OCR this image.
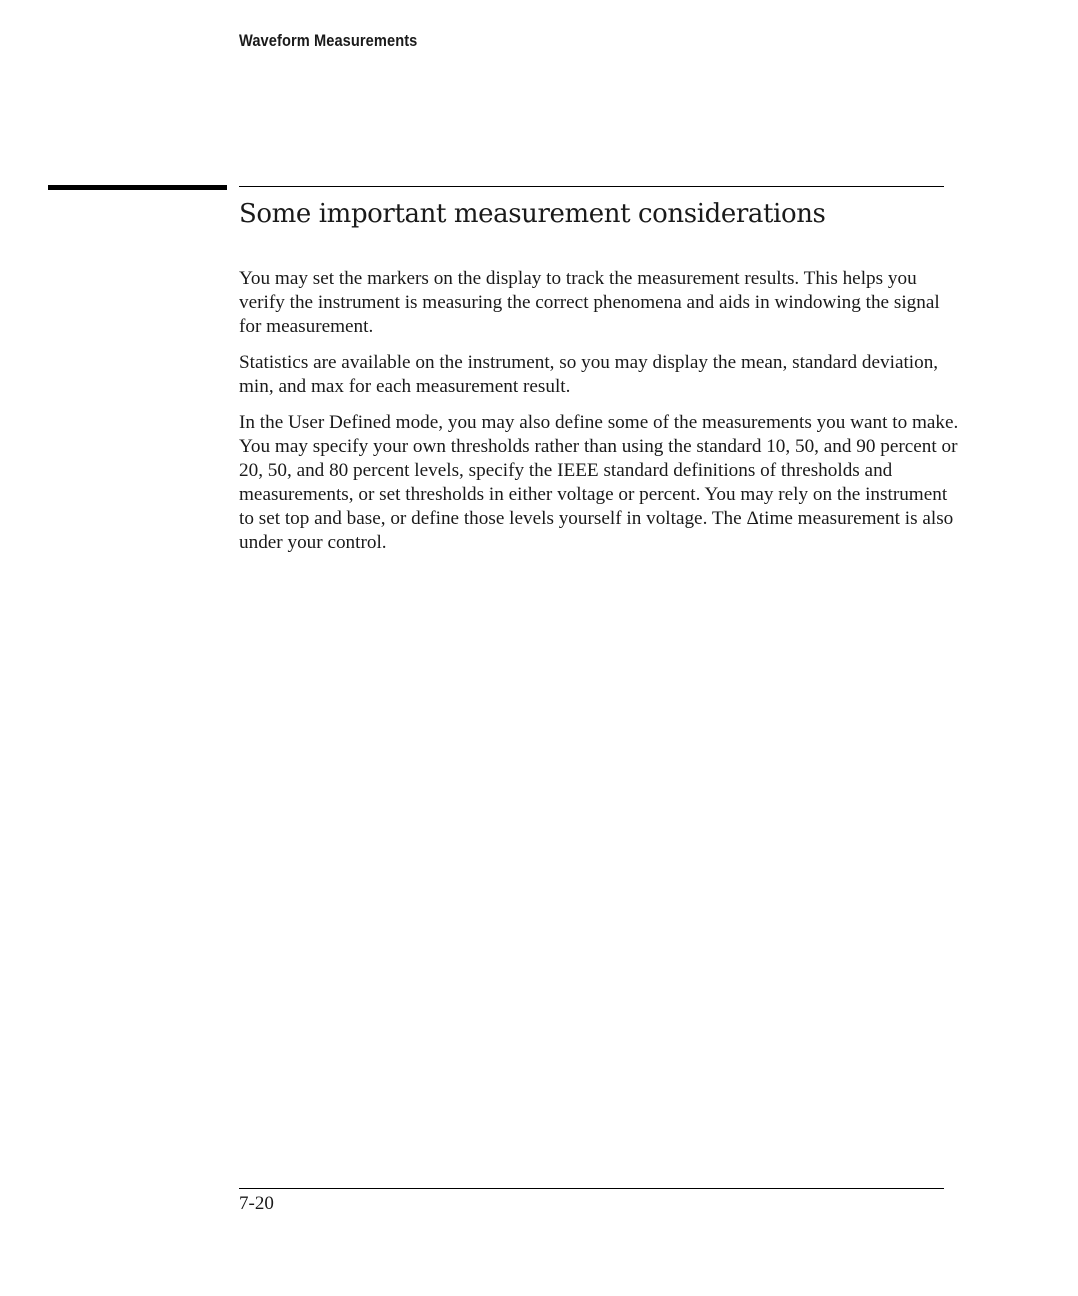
Waveform Measurements
Some important measurement considerations

You may set the markers on the display to track the measurement results. This helps you verify the instrument is measuring the correct phenomena and aids in windowing the signal for measurement.

Statistics are available on the instrument, so you may display the mean, standard deviation, min, and max for each measurement result.

In the User Defined mode, you may also define some of the measurements you want to make. You may specify your own thresholds rather than using the standard 10, 50, and 90 percent or 20, 50, and 80 percent levels, specify the IEEE standard definitions of thresholds and measurements, or set thresholds in either voltage or percent. You may rely on the instrument to set top and base, or define those levels yourself in voltage. The Δtime measurement is also under your control.

7-20
